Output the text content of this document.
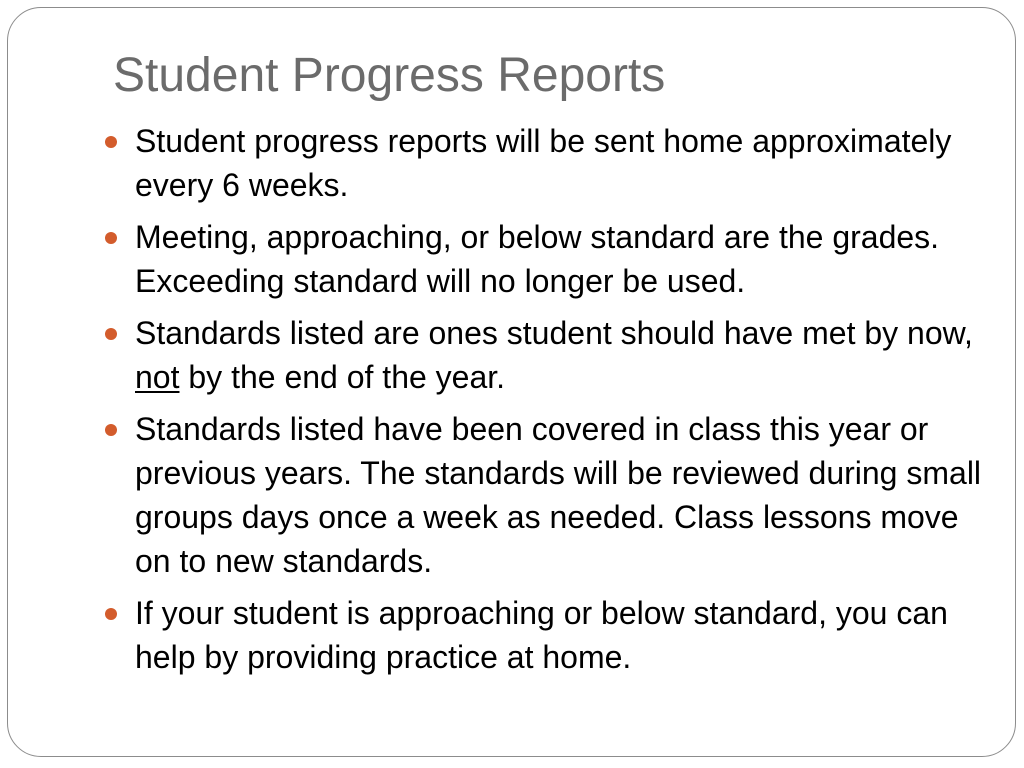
Student Progress Reports
Student progress reports will be sent home approximately every 6 weeks.
Meeting, approaching, or below standard are the grades. Exceeding standard will no longer be used.
Standards listed are ones student should have met by now, not by the end of the year.
Standards listed have been covered in class this year or previous years. The standards will be reviewed during small groups days once a week as needed. Class lessons move on to new standards.
If your student is approaching or below standard, you can help by providing practice at home.
